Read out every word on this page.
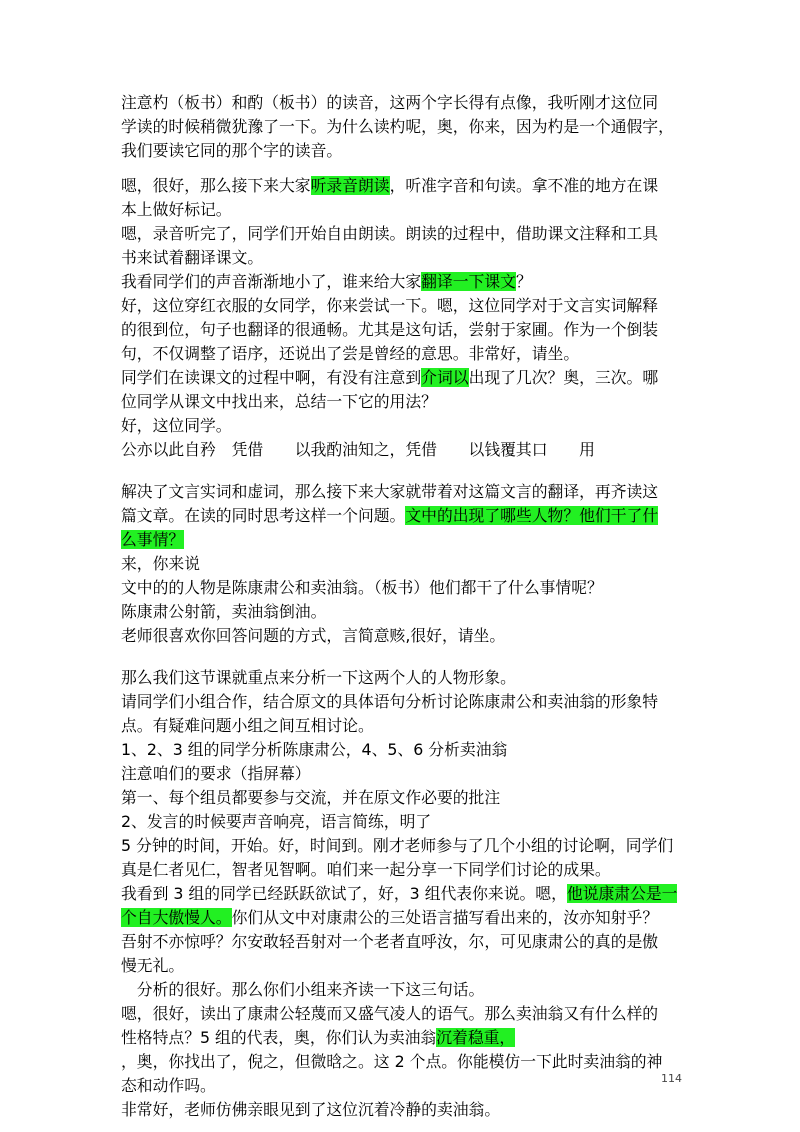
注意杓（板书）和酌（板书）的读音，这两个字长得有点像，我听刚才这位同
学读的时候稍微犹豫了一下。为什么读杓呢，奥，你来，因为杓是一个通假字，
我们要读它同的那个字的读音。
嗯，很好，那么接下来大家听录音朗读，听准字音和句读。拿不准的地方在课
本上做好标记。
嗯，录音听完了，同学们开始自由朗读。朗读的过程中，借助课文注释和工具
书来试着翻译课文。
我看同学们的声音渐渐地小了，谁来给大家翻译一下课文？
好，这位穿红衣服的女同学，你来尝试一下。嗯，这位同学对于文言实词解释
的很到位，句子也翻译的很通畅。尤其是这句话，尝射于家圃。作为一个倒装
句，不仅调整了语序，还说出了尝是曾经的意思。非常好，请坐。
同学们在读课文的过程中啊，有没有注意到介词以出现了几次？奥，三次。哪
位同学从课文中找出来，总结一下它的用法？
好，这位同学。
公亦以此自矜　凭借　　以我酌油知之，凭借　　以钱覆其口　　用
解决了文言实词和虚词，那么接下来大家就带着对这篇文言的翻译，再齐读这
篇文章。在读的同时思考这样一个问题。文中的出现了哪些人物？他们干了什
么事情？
来，你来说
文中的的人物是陈康肃公和卖油翁。（板书）他们都干了什么事情呢？
陈康肃公射箭，卖油翁倒油。
老师很喜欢你回答问题的方式，言简意赅,很好，请坐。
那么我们这节课就重点来分析一下这两个人的人物形象。
请同学们小组合作，结合原文的具体语句分析讨论陈康肃公和卖油翁的形象特
点。有疑难问题小组之间互相讨论。
1、2、3 组的同学分析陈康肃公，4、5、6 分析卖油翁
注意咱们的要求（指屏幕）
第一、每个组员都要参与交流，并在原文作必要的批注
2、发言的时候要声音响亮，语言简练，明了
5 分钟的时间，开始。好，时间到。刚才老师参与了几个小组的讨论啊，同学们
真是仁者见仁，智者见智啊。咱们来一起分享一下同学们讨论的成果。
我看到 3 组的同学已经跃跃欲试了，好，3 组代表你来说。嗯，他说康肃公是一
个自大傲慢人。你们从文中对康肃公的三处语言描写看出来的，汝亦知射乎？
吾射不亦惊呼？尔安敢轻吾射对一个老者直呼汝，尔，可见康肃公的真的是傲
慢无礼。
　分析的很好。那么你们小组来齐读一下这三句话。
嗯，很好，读出了康肃公轻蔑而又盛气凌人的语气。那么卖油翁又有什么样的
性格特点？5 组的代表，奥，你们认为卖油翁沉着稳重，
，奥，你找出了，倪之，但微晗之。这 2 个点。你能模仿一下此时卖油翁的神
态和动作吗。
非常好，老师仿佛亲眼见到了这位沉着冷静的卖油翁。
114
